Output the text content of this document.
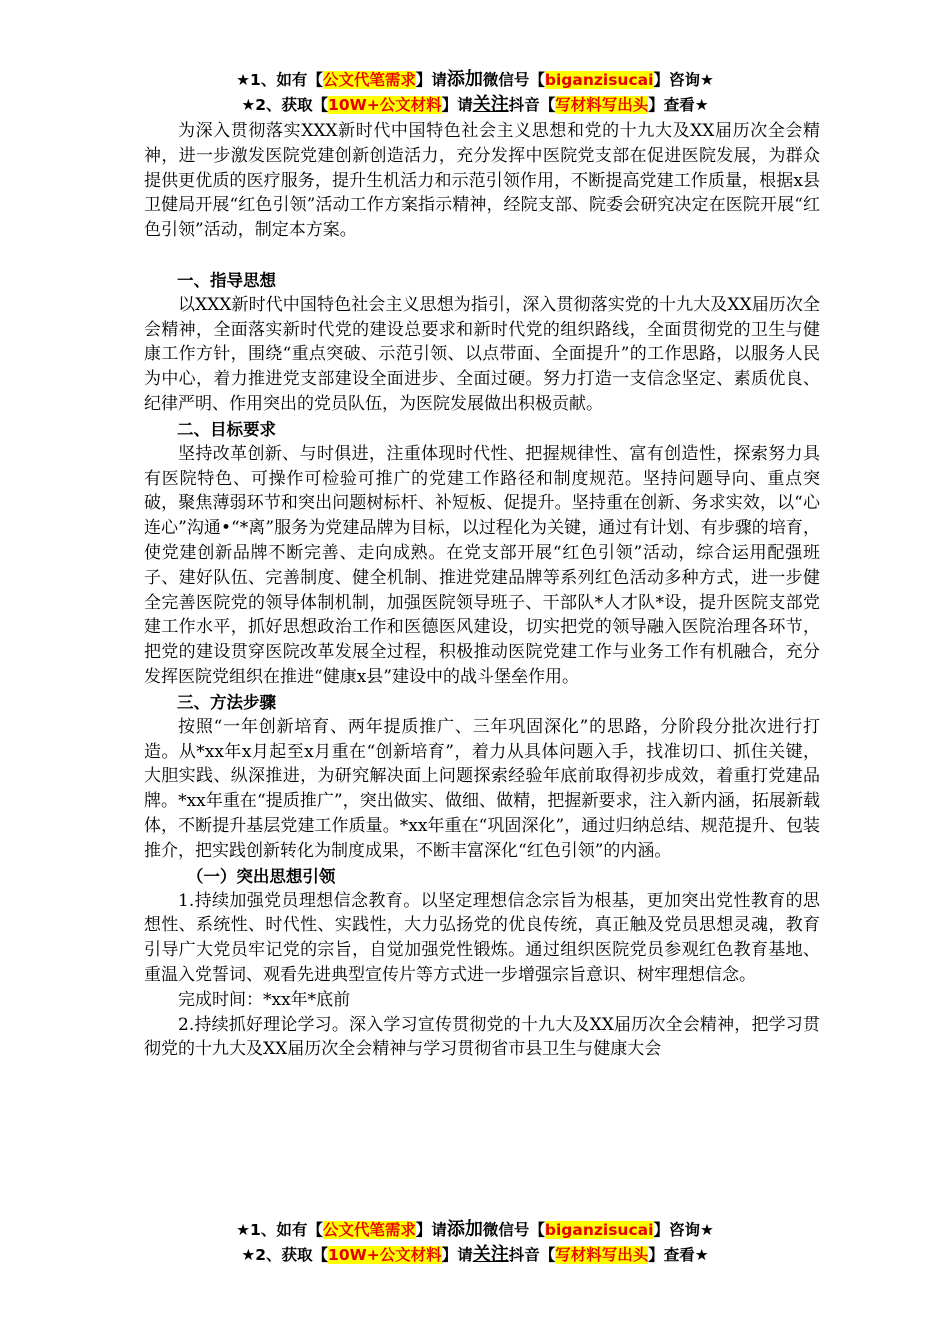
★1、如有【公文代笔需求】请添加微信号【biganzisucai】咨询★
★2、获取【10W+公文材料】请关注抖音【写材料写出头】查看★

为深入贯彻落实XXX新时代中国特色社会主义思想和党的十九大及XX届历次全会精神，进一步激发医院党建创新创造活力，充分发挥中医院党支部在促进医院发展，为群众提供更优质的医疗服务，提升生机活力和示范引领作用，不断提高党建工作质量，根据x县卫健局开展“红色引领”活动工作方案指示精神，经院支部、院委会研究决定在医院开展“红色引领”活动，制定本方案。

一、指导思想

以XXX新时代中国特色社会主义思想为指引，深入贯彻落实党的十九大及XX届历次全会精神，全面落实新时代党的建设总要求和新时代党的组织路线，全面贯彻党的卫生与健康工作方针，围绕“重点突破、示范引领、以点带面、全面提升”的工作思路，以服务人民为中心，着力推进党支部建设全面进步、全面过硬。努力打造一支信念坚定、素质优良、纪律严明、作用突出的党员队伍，为医院发展做出积极贡献。

二、目标要求

坚持改革创新、与时俱进，注重体现时代性、把握规律性、富有创造性，探索努力具有医院特色、可操作可检验可推广的党建工作路径和制度规范。坚持问题导向、重点突破，聚焦薄弱环节和突出问题树标杆、补短板、促提升。坚持重在创新、务求实效，以“心连心”沟通•“*离”服务为党建品牌为目标，以过程化为关键，通过有计划、有步骤的培育，使党建创新品牌不断完善、走向成熟。在党支部开展“红色引领”活动，综合运用配强班子、建好队伍、完善制度、健全机制、推进党建品牌等系列红色活动多种方式，进一步健全完善医院党的领导体制机制，加强医院领导班子、干部队*人才队*设，提升医院支部党建工作水平，抓好思想政治工作和医德医风建设，切实把党的领导融入医院治理各环节，把党的建设贯穿医院改革发展全过程，积极推动医院党建工作与业务工作有机融合，充分发挥医院党组织在推进“健康x县”建设中的战斗堡垒作用。

三、方法步骤

按照“一年创新培育、两年提质推广、三年巩固深化”的思路，分阶段分批次进行打造。从*xx年x月起至x月重在“创新培育”，着力从具体问题入手，找准切口、抓住关键，大胆实践、纵深推进，为研究解决面上问题探索经验年底前取得初步成效，着重打党建品牌。*xx年重在“提质推广”，突出做实、做细、做精，把握新要求，注入新内涵，拓展新载体，不断提升基层党建工作质量。*xx年重在“巩固深化”，通过归纳总结、规范提升、包装推介，把实践创新转化为制度成果，不断丰富深化“红色引领”的内涵。

（一）突出思想引领

1.持续加强党员理想信念教育。以坚定理想信念宗旨为根基，更加突出党性教育的思想性、系统性、时代性、实践性，大力弘扬党的优良传统，真正触及党员思想灵魂，教育引导广大党员牢记党的宗旨，自觉加强党性锻炼。通过组织医院党员参观红色教育基地、重温入党誓词、观看先进典型宣传片等方式进一步增强宗旨意识、树牢理想信念。

完成时间：*xx年*底前

2.持续抓好理论学习。深入学习宣传贯彻党的十九大及XX届历次全会精神，把学习贯彻党的十九大及XX届历次全会精神与学习贯彻省市县卫生与健康大会

★1、如有【公文代笔需求】请添加微信号【biganzisucai】咨询★
★2、获取【10W+公文材料】请关注抖音【写材料写出头】查看★
